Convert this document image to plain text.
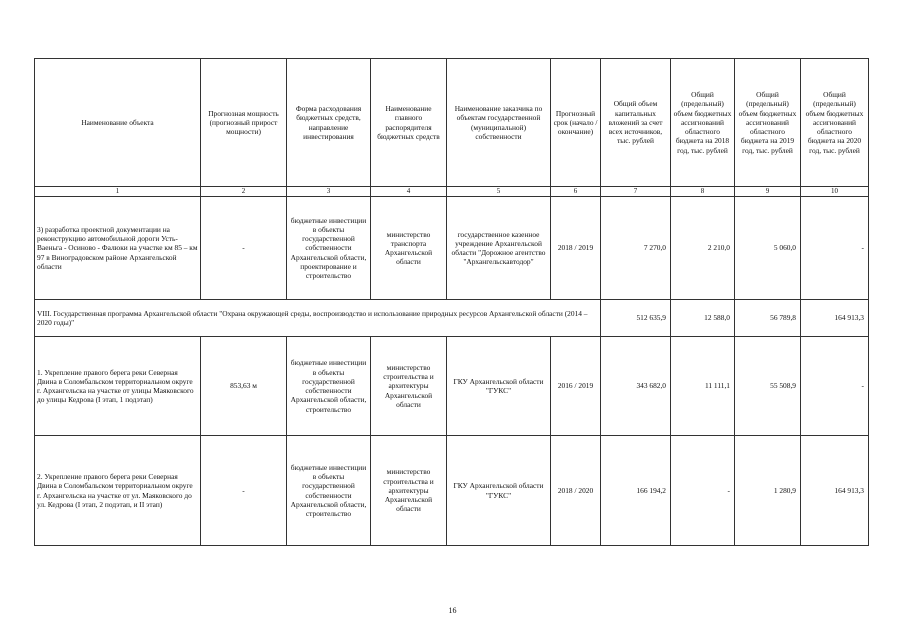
Наименование объекта	Прогнозная мощность (прогнозный прирост мощности)	Форма расходования бюджетных средств, направление инвестирования	Наименование главного распорядителя бюджетных средств	Наименование заказчика по объектам государственной (муниципальной) собственности	Прогнозный срок (начало / окончание)	Общий объем капитальных вложений за счет всех источников, тыс. рублей	Общий (предельный) объем бюджетных ассигнований областного бюджета на 2018 год, тыс. рублей	Общий (предельный) объем бюджетных ассигнований областного бюджета на 2019 год, тыс. рублей	Общий (предельный) объем бюджетных ассигнований областного бюджета на 2020 год, тыс. рублей
1	2	3	4	5	6	7	8	9	10
3) разработка проектной документации на реконструкцию автомобильной дороги Усть-Ваеньга - Осиново - Фалюки на участке км 85 – км 97 в Виноградовском районе Архангельской области	-	бюджетные инвестиции в объекты государственной собственности Архангельской области, проектирование и строительство	министерство транспорта Архангельской области	государственное казенное учреждение Архангельской области "Дорожное агентство "Архангельскавтодор"	2018 / 2019	7 270,0	2 210,0	5 060,0	-
VIII. Государственная программа Архангельской области "Охрана окружающей среды, воспроизводство и использование природных ресурсов Архангельской области (2014 – 2020 годы)"						512 635,9	12 588,0	56 789,8	164 913,3
1. Укрепление правого берега реки Северная Двина в Соломбальском территориальном округе г. Архангельска на участке от улицы Маяковского до улицы Кедрова (I этап, 1 подэтап)	853,63 м	бюджетные инвестиции в объекты государственной собственности Архангельской области, строительство	министерство строительства и архитектуры Архангельской области	ГКУ Архангельской области "ГУКС"	2016 / 2019	343 682,0	11 111,1	55 508,9	-
2. Укрепление правого берега реки Северная Двина в Соломбальском территориальном округе г. Архангельска на участке от ул. Маяковского до ул. Кедрова (I этап, 2 подэтап, и II этап)	-	бюджетные инвестиции в объекты государственной собственности Архангельской области, строительство	министерство строительства и архитектуры Архангельской области	ГКУ Архангельской области "ГУКС"	2018 / 2020	166 194,2	-	1 280,9	164 913,3
16
